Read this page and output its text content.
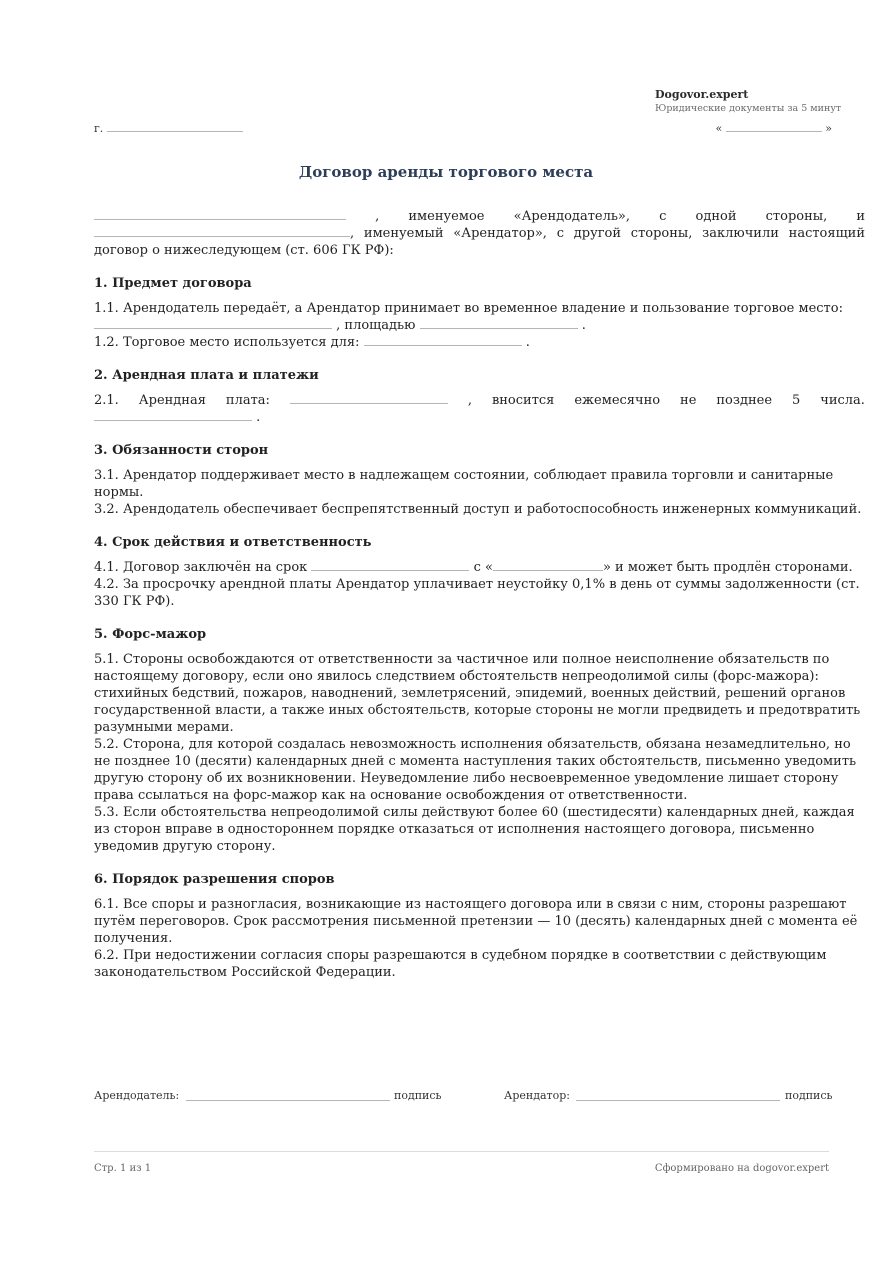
Dogovor.expert
Юридические документы за 5 минут
г.	«	»
Договор аренды торгового места

, именуемое «Арендодатель», с одной стороны, и

, именуемый «Арендатор», с другой стороны, заключили настоящий

договор о нижеследующем (ст. 606 ГК РФ):

1. Предмет договора

1.1. Арендодатель передаёт, а Арендатор принимает во временное владение и пользование торговое место:

, площадью	.

1.2. Торговое место используется для:	.

2. Арендная плата и платежи

2.1. Арендная плата:	, вносится ежемесячно не позднее 5 числа.

.

3. Обязанности сторон

3.1. Арендатор поддерживает место в надлежащем состоянии, соблюдает правила торговли и санитарные нормы.

3.2. Арендодатель обеспечивает беспрепятственный доступ и работоспособность инженерных коммуникаций.

4. Срок действия и ответственность

4.1. Договор заключён на срок	с «	» и может быть продлён сторонами.

4.2. За просрочку арендной платы Арендатор уплачивает неустойку 0,1% в день от суммы задолженности (ст. 330 ГК РФ).

5. Форс-мажор

5.1. Стороны освобождаются от ответственности за частичное или полное неисполнение обязательств по настоящему договору, если оно явилось следствием обстоятельств непреодолимой силы (форс-мажора): стихийных бедствий, пожаров, наводнений, землетрясений, эпидемий, военных действий, решений органов государственной власти, а также иных обстоятельств, которые стороны не могли предвидеть и предотвратить разумными мерами.

5.2. Сторона, для которой создалась невозможность исполнения обязательств, обязана незамедлительно, но не позднее 10 (десяти) календарных дней с момента наступления таких обстоятельств, письменно уведомить другую сторону об их возникновении. Неуведомление либо несвоевременное уведомление лишает сторону права ссылаться на форс-мажор как на основание освобождения от ответственности.

5.3. Если обстоятельства непреодолимой силы действуют более 60 (шестидесяти) календарных дней, каждая из сторон вправе в одностороннем порядке отказаться от исполнения настоящего договора, письменно уведомив другую сторону.

6. Порядок разрешения споров

6.1. Все споры и разногласия, возникающие из настоящего договора или в связи с ним, стороны разрешают путём переговоров. Срок рассмотрения письменной претензии — 10 (десять) календарных дней с момента её получения.

6.2. При недостижении согласия споры разрешаются в судебном порядке в соответствии с действующим законодательством Российской Федерации.

Арендодатель:	подпись	Арендатор:	подпись
Стр. 1 из 1	Сформировано на dogovor.expert
